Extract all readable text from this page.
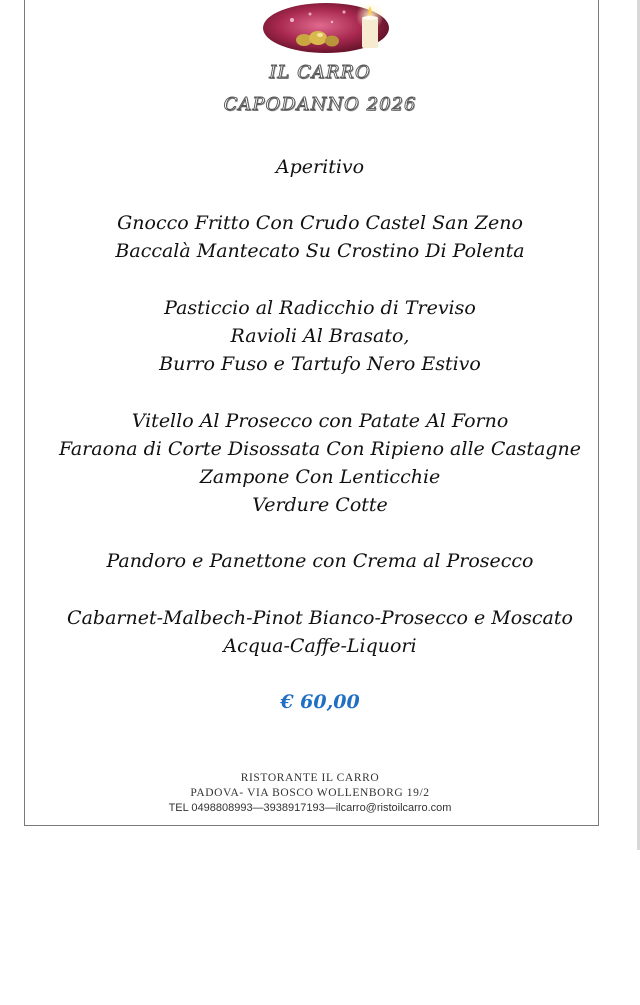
IL CARRO
CAPODANNO 2026
Aperitivo
Gnocco Fritto Con Crudo Castel San Zeno
Baccalà Mantecato Su Crostino Di Polenta
Pasticcio al Radicchio di Treviso
Ravioli Al Brasato,
Burro Fuso e Tartufo Nero Estivo
Vitello Al Prosecco con Patate Al Forno
Faraona di Corte Disossata Con Ripieno alle Castagne
Zampone Con Lenticchie
Verdure Cotte
Pandoro e Panettone con Crema al Prosecco
Cabarnet-Malbech-Pinot Bianco-Prosecco e Moscato
Acqua-Caffe-Liquori
€ 60,00
RISTORANTE IL CARRO
PADOVA- VIA BOSCO WOLLENBORG 19/2
TEL 0498808993—3938917193—ilcarro@ristoilcarro.com
